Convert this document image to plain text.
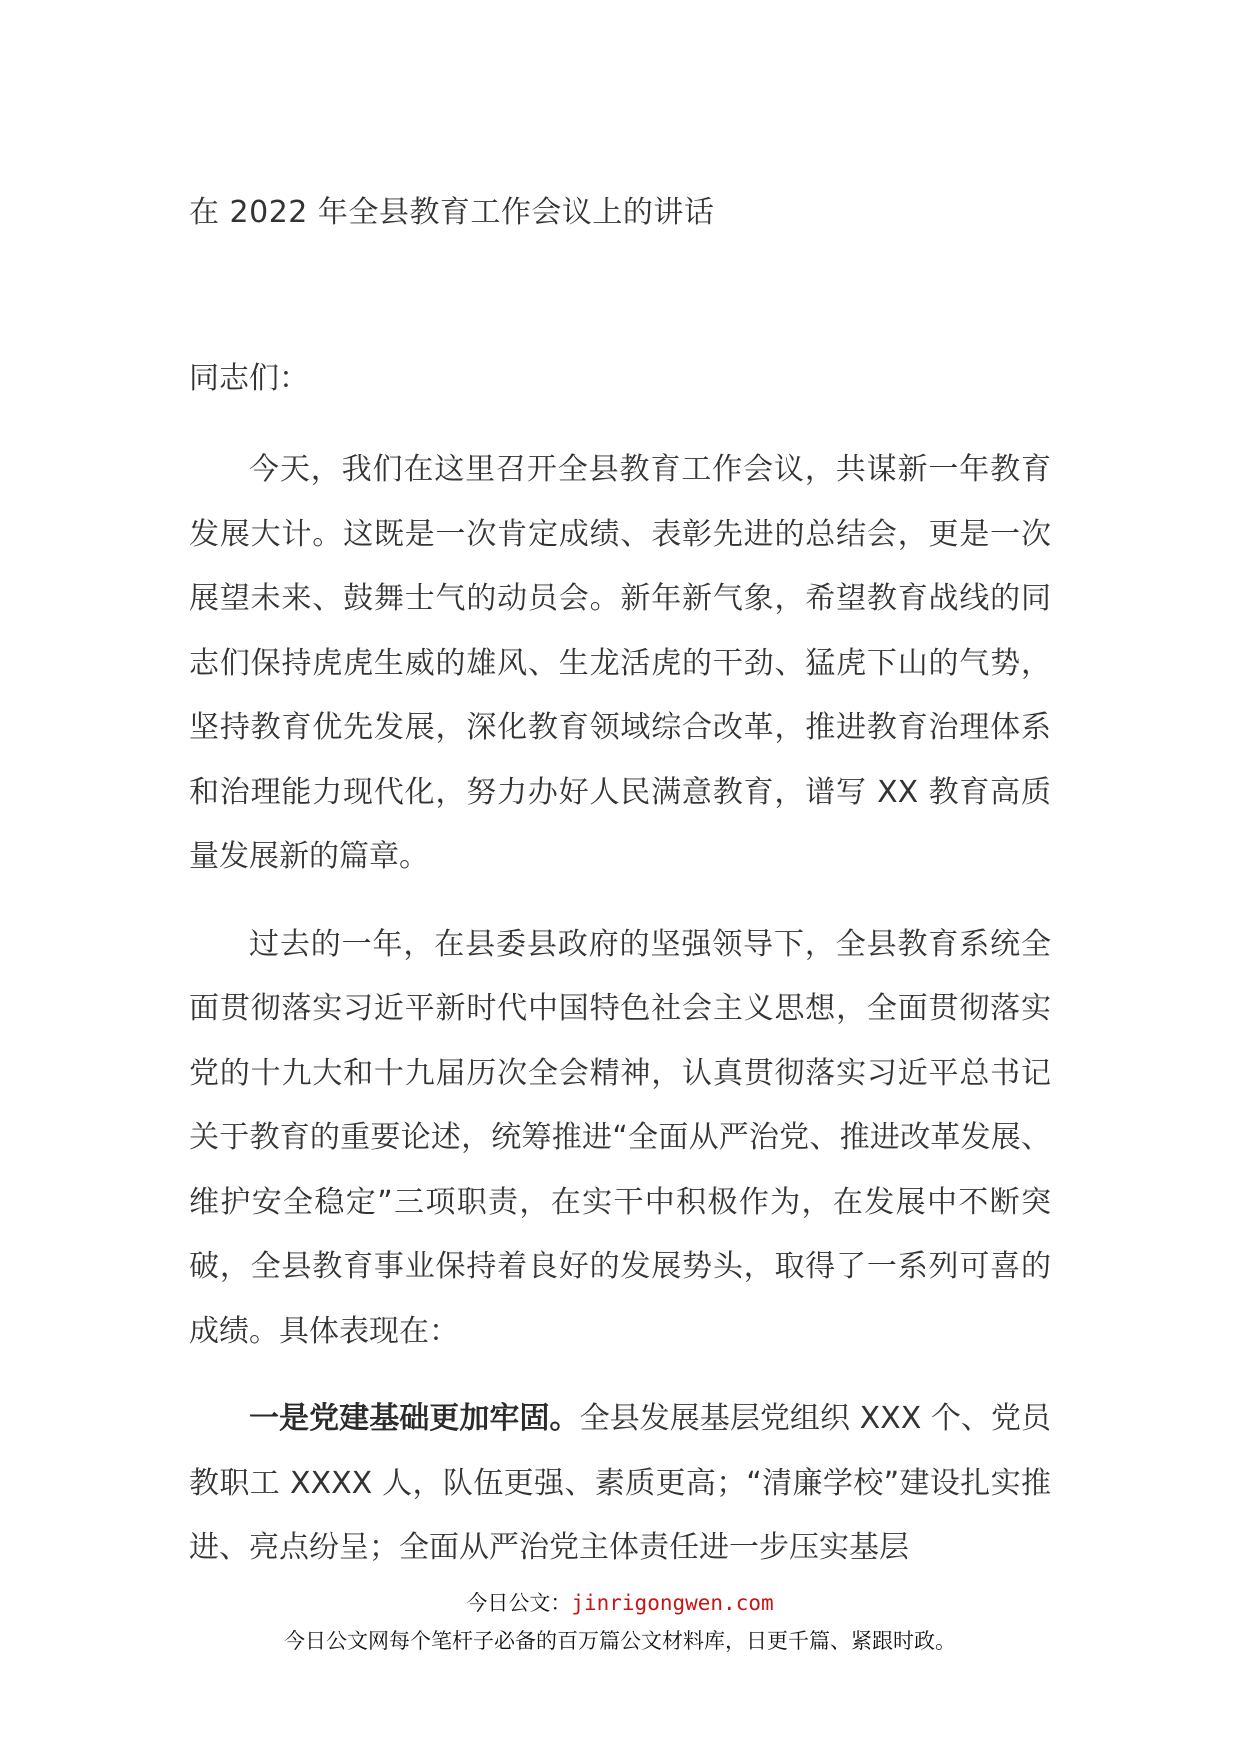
在 2022 年全县教育工作会议上的讲话

同志们：

今天，我们在这里召开全县教育工作会议，共谋新一年教育发展大计。这既是一次肯定成绩、表彰先进的总结会，更是一次展望未来、鼓舞士气的动员会。新年新气象，希望教育战线的同志们保持虎虎生威的雄风、生龙活虎的干劲、猛虎下山的气势，坚持教育优先发展，深化教育领域综合改革，推进教育治理体系和治理能力现代化，努力办好人民满意教育，谱写 XX 教育高质量发展新的篇章。

过去的一年，在县委县政府的坚强领导下，全县教育系统全面贯彻落实习近平新时代中国特色社会主义思想，全面贯彻落实党的十九大和十九届历次全会精神，认真贯彻落实习近平总书记关于教育的重要论述，统筹推进“全面从严治党、推进改革发展、维护安全稳定”三项职责，在实干中积极作为，在发展中不断突破，全县教育事业保持着良好的发展势头，取得了一系列可喜的成绩。具体表现在：

一是党建基础更加牢固。全县发展基层党组织 XXX 个、党员教职工 XXXX 人，队伍更强、素质更高；“清廉学校”建设扎实推进、亮点纷呈；全面从严治党主体责任进一步压实基层

今日公文：jinrigongwen.com

今日公文网每个笔杆子必备的百万篇公文材料库，日更千篇、紧跟时政。
